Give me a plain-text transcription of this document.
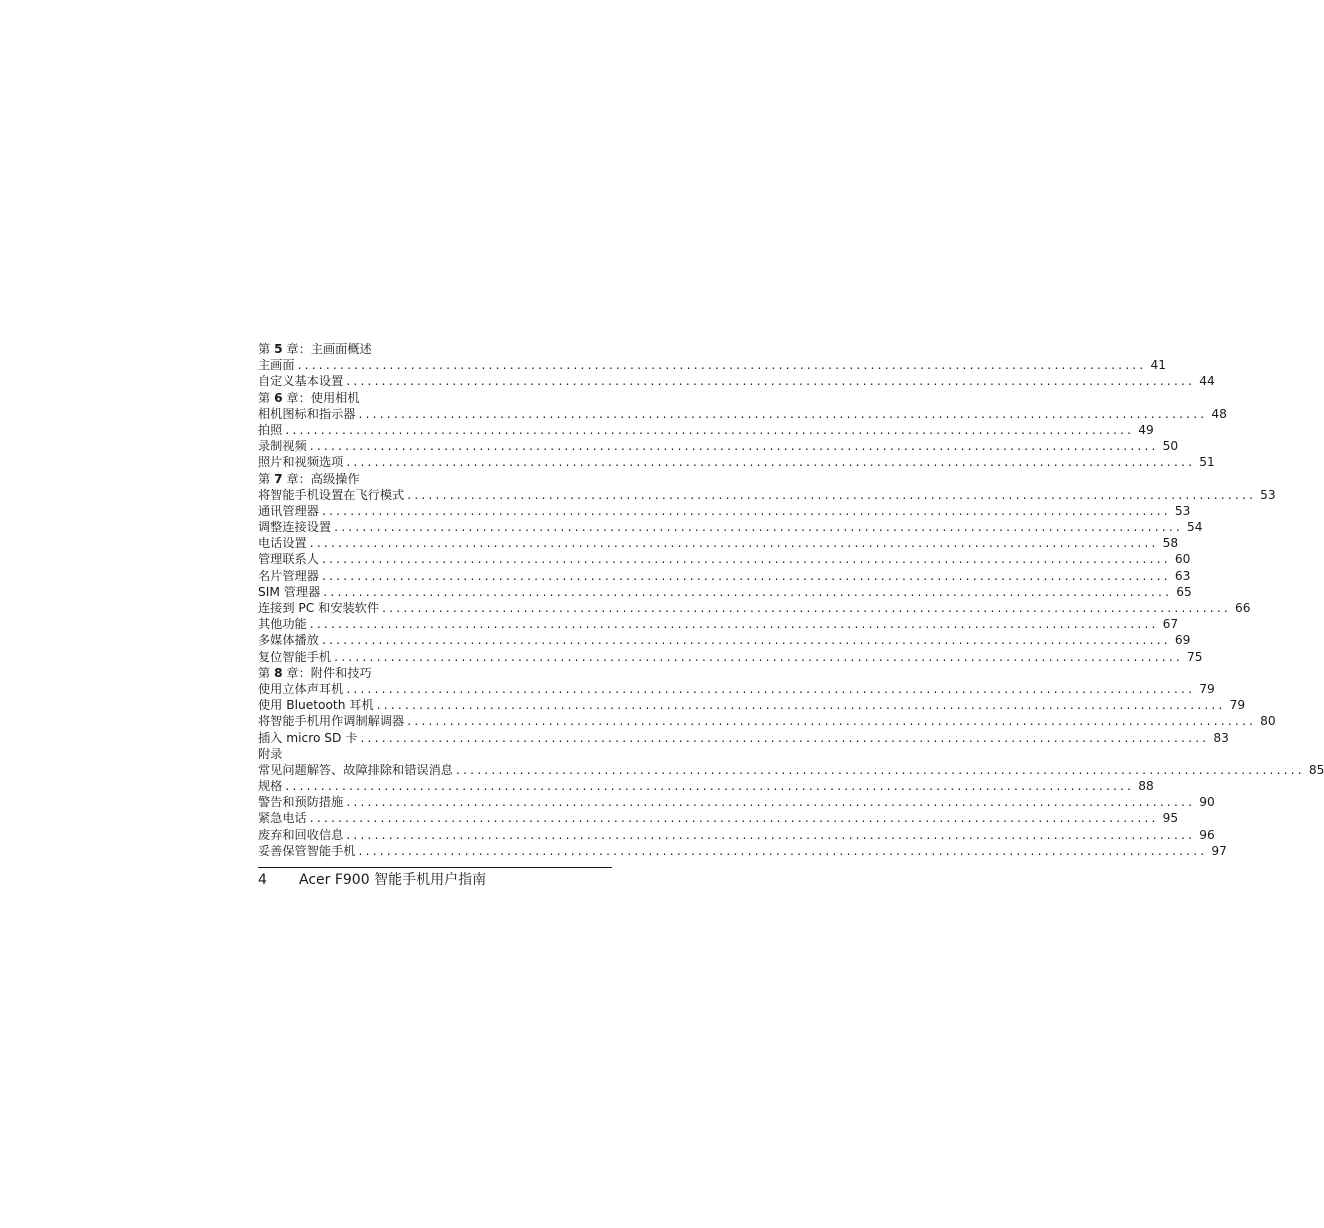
第 5 章：主画面概述
主画面 ........................................................................................................................ 41
自定义基本设置 ........................................................................................................................ 44
第 6 章：使用相机
相机图标和指示器 ........................................................................................................................ 48
拍照 ........................................................................................................................ 49
录制视频 ........................................................................................................................ 50
照片和视频选项 ........................................................................................................................ 51
第 7 章：高级操作
将智能手机设置在飞行模式 ........................................................................................................................ 53
通讯管理器 ........................................................................................................................ 53
调整连接设置 ........................................................................................................................ 54
电话设置 ........................................................................................................................ 58
管理联系人 ........................................................................................................................ 60
名片管理器 ........................................................................................................................ 63
SIM 管理器 ........................................................................................................................ 65
连接到 PC 和安装软件 ........................................................................................................................ 66
其他功能 ........................................................................................................................ 67
多媒体播放 ........................................................................................................................ 69
复位智能手机 ........................................................................................................................ 75
第 8 章：附件和技巧
使用立体声耳机 ........................................................................................................................ 79
使用 Bluetooth 耳机 ........................................................................................................................ 79
将智能手机用作调制解调器 ........................................................................................................................ 80
插入 micro SD 卡 ........................................................................................................................ 83
附录
常见问题解答、故障排除和错误消息 ........................................................................................................................ 85
规格 ........................................................................................................................ 88
警告和预防措施 ........................................................................................................................ 90
紧急电话 ........................................................................................................................ 95
废弃和回收信息 ........................................................................................................................ 96
妥善保管智能手机 ........................................................................................................................ 97
4 Acer F900 智能手机用户指南
